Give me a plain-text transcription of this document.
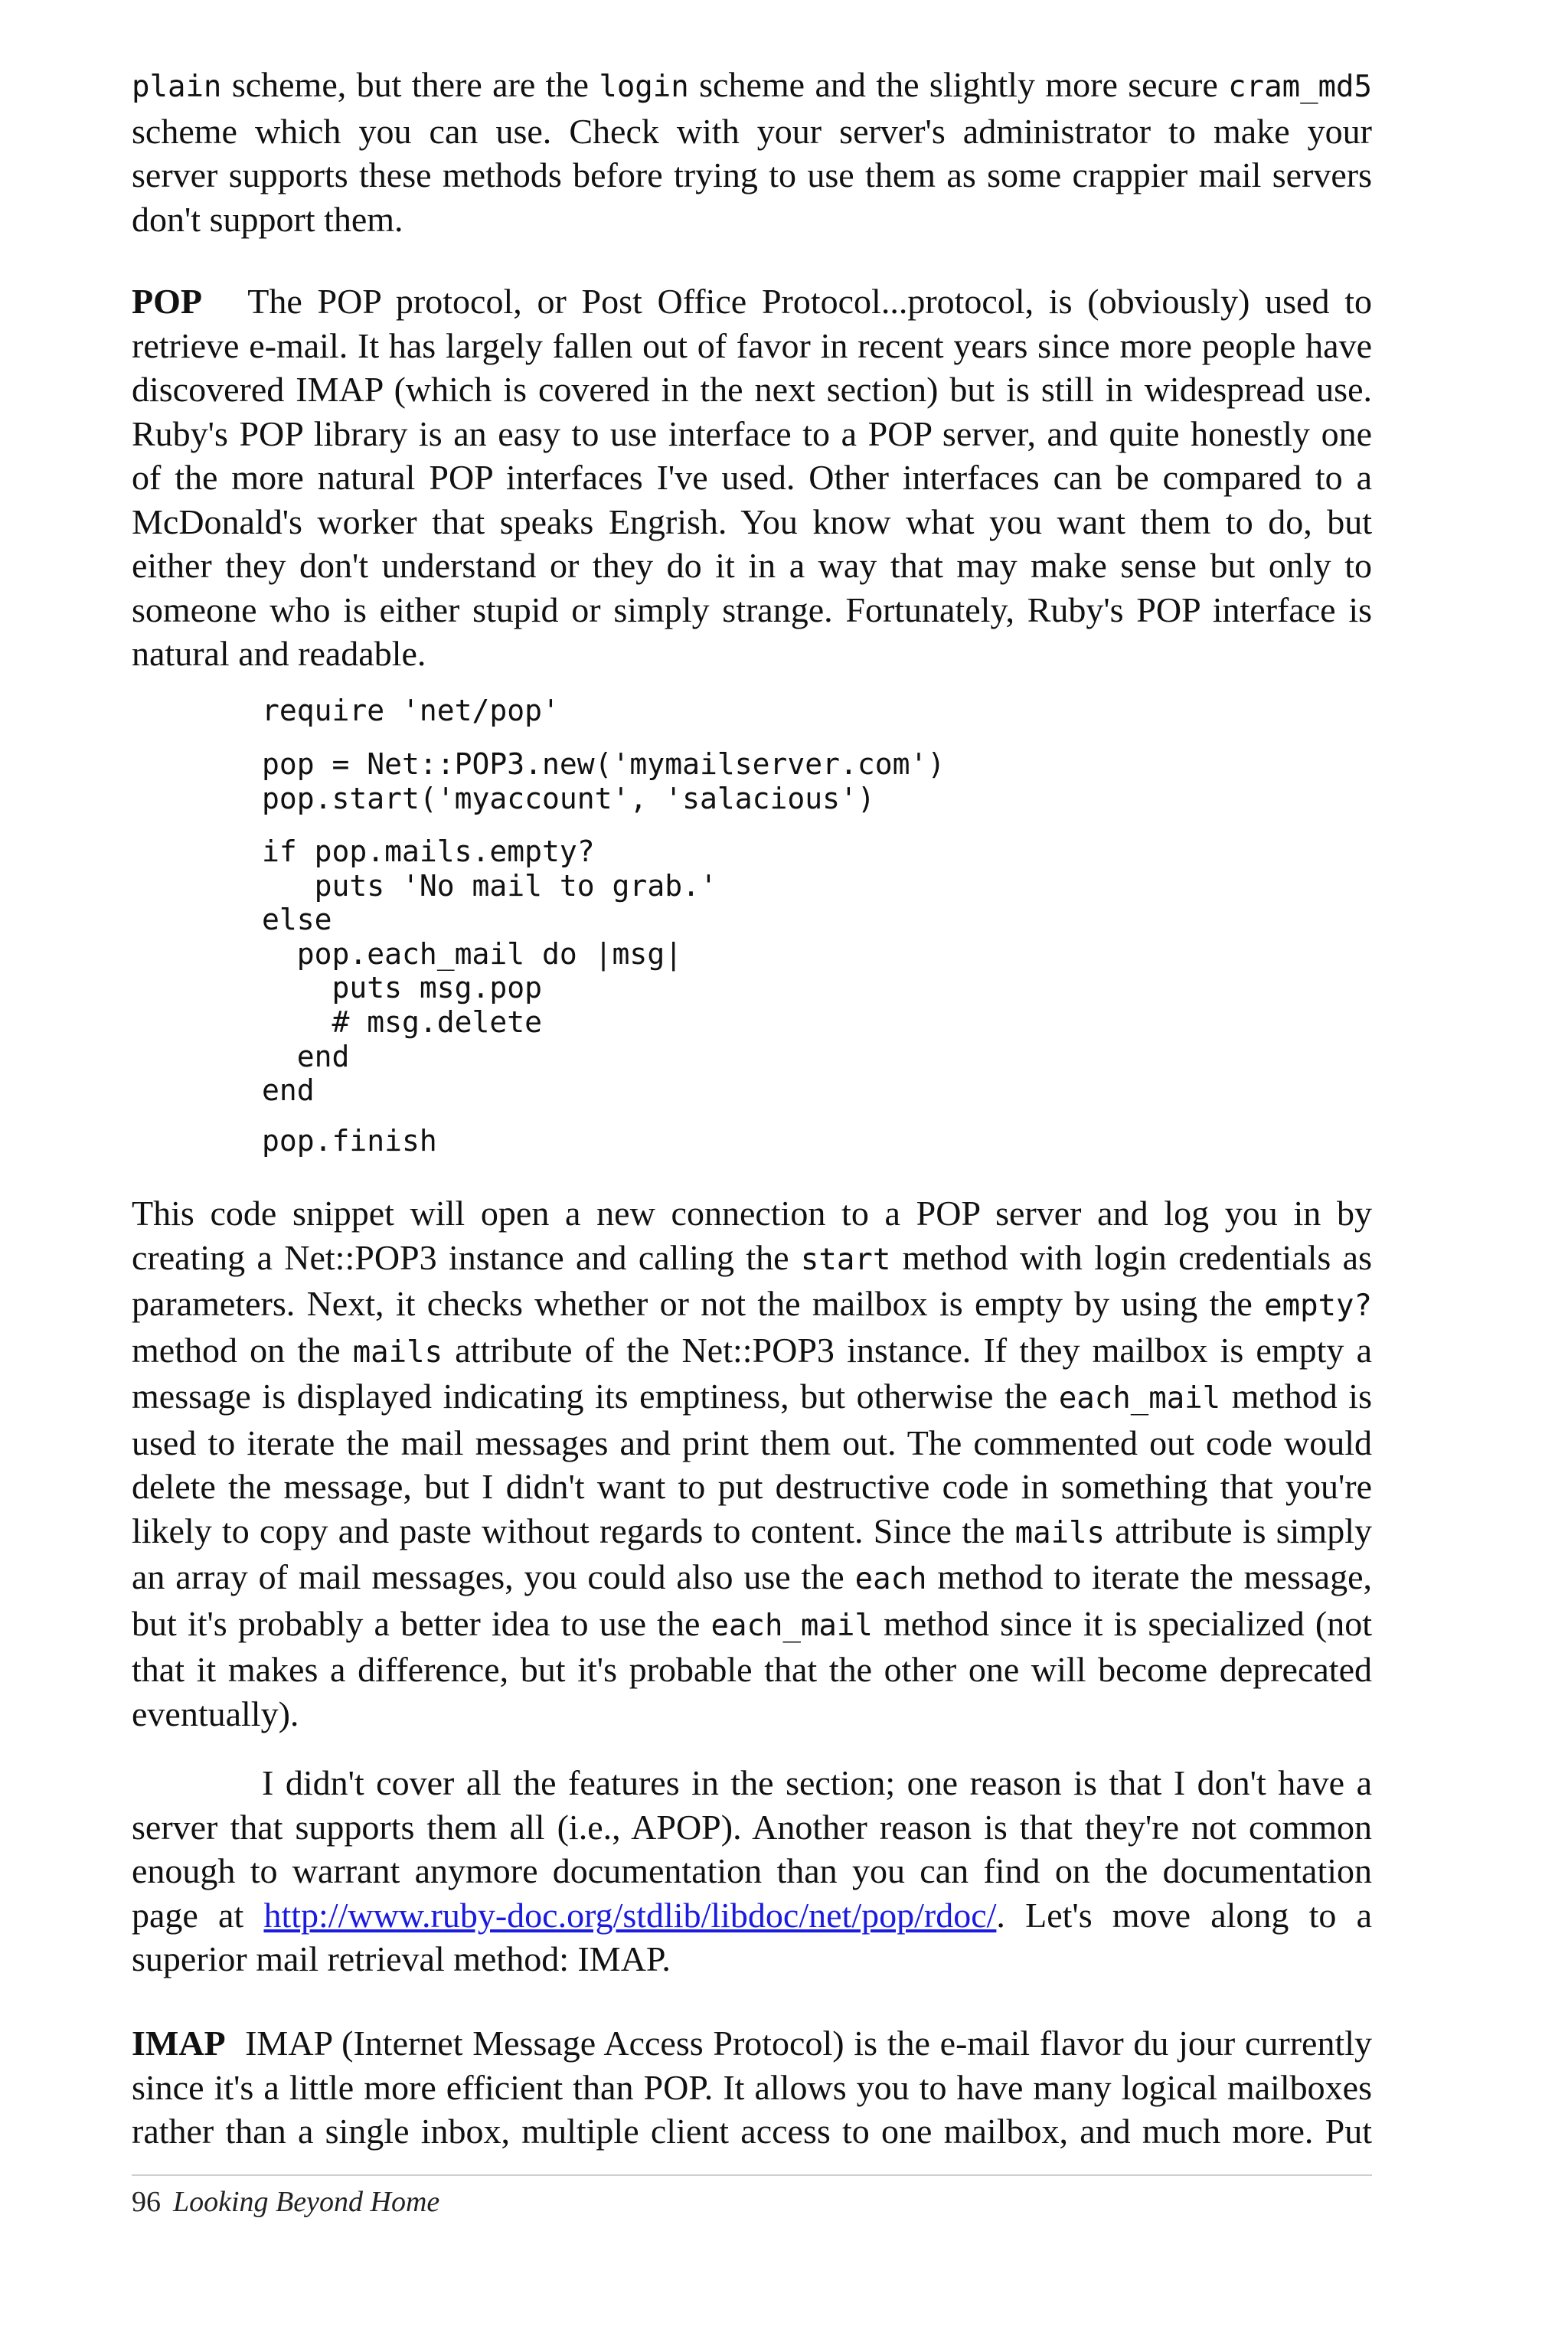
plain scheme, but there are the login scheme and the slightly more secure cram_md5
scheme which you can use. Check with your server's administrator to make your
server supports these methods before trying to use them as some crappier mail servers
don't support them.
POP The POP protocol, or Post Office Protocol...protocol, is (obviously) used to
retrieve e-mail. It has largely fallen out of favor in recent years since more people have
discovered IMAP (which is covered in the next section) but is still in widespread use.
Ruby's POP library is an easy to use interface to a POP server, and quite honestly one
of the more natural POP interfaces I've used. Other interfaces can be compared to a
McDonald's worker that speaks Engrish. You know what you want them to do, but
either they don't understand or they do it in a way that may make sense but only to
someone who is either stupid or simply strange. Fortunately, Ruby's POP interface is
natural and readable.
require 'net/pop'
pop = Net::POP3.new('mymailserver.com')
pop.start('myaccount', 'salacious')
if pop.mails.empty?
puts 'No mail to grab.'
else
pop.each_mail do |msg|
puts msg.pop
# msg.delete
end
end
pop.finish
This code snippet will open a new connection to a POP server and log you in by
creating a Net::POP3 instance and calling the start method with login credentials as
parameters. Next, it checks whether or not the mailbox is empty by using the empty?
method on the mails attribute of the Net::POP3 instance. If they mailbox is empty a
message is displayed indicating its emptiness, but otherwise the each_mail method is
used to iterate the mail messages and print them out. The commented out code would
delete the message, but I didn't want to put destructive code in something that you're
likely to copy and paste without regards to content. Since the mails attribute is simply
an array of mail messages, you could also use the each method to iterate the message,
but it's probably a better idea to use the each_mail method since it is specialized (not
that it makes a difference, but it's probable that the other one will become deprecated
eventually).
I didn't cover all the features in the section; one reason is that I don't have a
server that supports them all (i.e., APOP). Another reason is that they're not common
enough to warrant anymore documentation than you can find on the documentation
page at http://www.ruby-doc.org/stdlib/libdoc/net/pop/rdoc/. Let's move along to a
superior mail retrieval method: IMAP.
IMAP IMAP (Internet Message Access Protocol) is the e-mail flavor du jour currently
since it's a little more efficient than POP. It allows you to have many logical mailboxes
rather than a single inbox, multiple client access to one mailbox, and much more. Put
96 Looking Beyond Home
